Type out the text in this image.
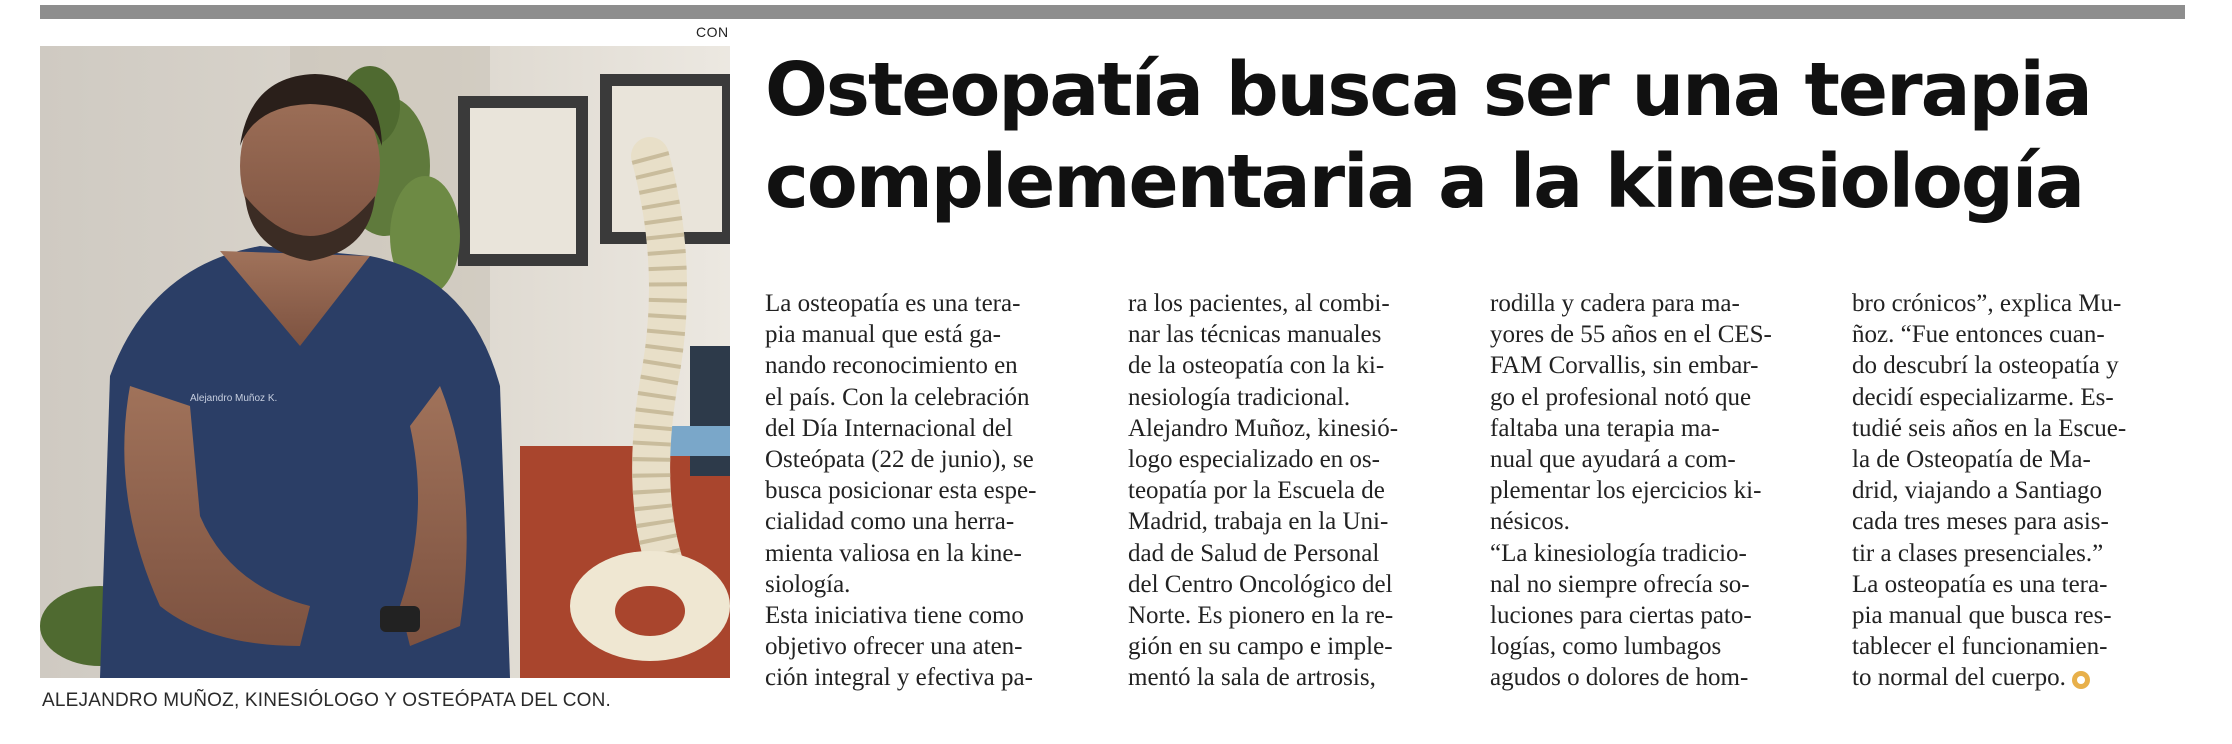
CON
Alejandro Muñoz K.
ALEJANDRO MUÑOZ, KINESIÓLOGO Y OSTEÓPATA DEL CON.
Osteopatía busca ser una terapia
complementaria a la kinesiología

La osteopatía es una tera-
pia manual que está ga-
nando reconocimiento en
el país. Con la celebración
del Día Internacional del
Osteópata (22 de junio), se
busca posicionar esta espe-
cialidad como una herra-
mienta valiosa en la kine-
siología.
Esta iniciativa tiene como
objetivo ofrecer una aten-
ción integral y efectiva pa-

ra los pacientes, al combi-
nar las técnicas manuales
de la osteopatía con la ki-
nesiología tradicional.
Alejandro Muñoz, kinesió-
logo especializado en os-
teopatía por la Escuela de
Madrid, trabaja en la Uni-
dad de Salud de Personal
del Centro Oncológico del
Norte. Es pionero en la re-
gión en su campo e imple-
mentó la sala de artrosis,

rodilla y cadera para ma-
yores de 55 años en el CES-
FAM Corvallis, sin embar-
go el profesional notó que
faltaba una terapia ma-
nual que ayudará a com-
plementar los ejercicios ki-
nésicos.
“La kinesiología tradicio-
nal no siempre ofrecía so-
luciones para ciertas pato-
logías, como lumbagos
agudos o dolores de hom-

bro crónicos”, explica Mu-
ñoz. “Fue entonces cuan-
do descubrí la osteopatía y
decidí especializarme. Es-
tudié seis años en la Escue-
la de Osteopatía de Ma-
drid, viajando a Santiago
cada tres meses para asis-
tir a clases presenciales.”
La osteopatía es una tera-
pia manual que busca res-
tablecer el funcionamien-
to normal del cuerpo.
